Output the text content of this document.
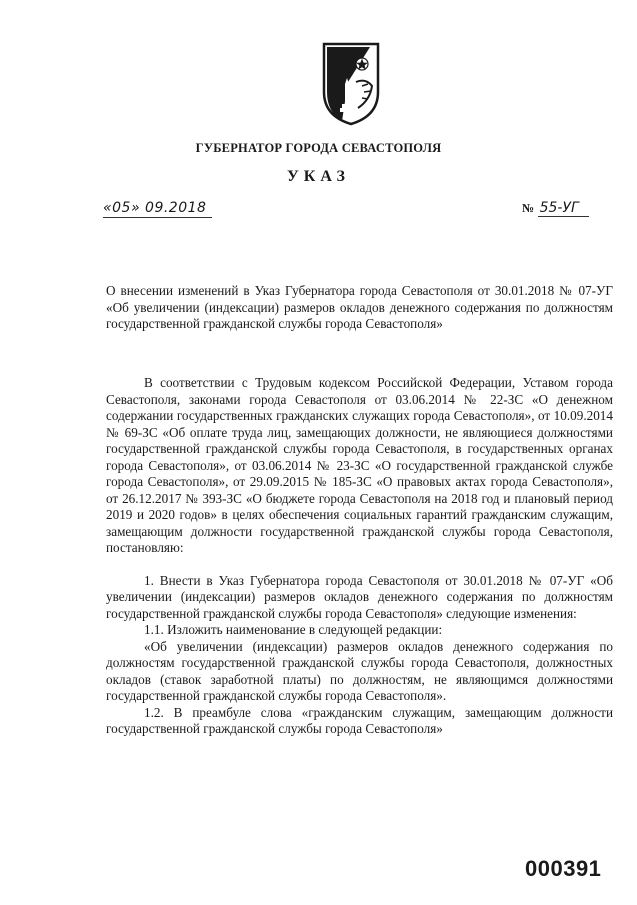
ГУБЕРНАТОР ГОРОДА СЕВАСТОПОЛЯ
УКАЗ
«05» 09.2018	№ 55-УГ

О внесении изменений в Указ Губернатора города Севастополя от 30.01.2018 № 07-УГ «Об увеличении (индексации) размеров окладов денежного содержания по должностям государственной гражданской службы города Севастополя»

В соответствии с Трудовым кодексом Российской Федерации, Уставом города Севастополя, законами города Севастополя от 03.06.2014 № 22-ЗС «О денежном содержании государственных гражданских служащих города Севастополя», от 10.09.2014 № 69-ЗС «Об оплате труда лиц, замещающих должности, не являющиеся должностями государственной гражданской службы города Севастополя, в государственных органах города Севастополя», от 03.06.2014 № 23-ЗС «О государственной гражданской службе города Севастополя», от 29.09.2015 № 185-ЗС «О правовых актах города Севастополя», от 26.12.2017 № 393-ЗС «О бюджете города Севастополя на 2018 год и плановый период 2019 и 2020 годов» в целях обеспечения социальных гарантий гражданским служащим, замещающим должности государственной гражданской службы города Севастополя, постановляю:

1. Внести в Указ Губернатора города Севастополя от 30.01.2018 № 07-УГ «Об увеличении (индексации) размеров окладов денежного содержания по должностям государственной гражданской службы города Севастополя» следующие изменения:

1.1. Изложить наименование в следующей редакции:

«Об увеличении (индексации) размеров окладов денежного содержания по должностям государственной гражданской службы города Севастополя, должностных окладов (ставок заработной платы) по должностям, не являющимся должностями государственной гражданской службы города Севастополя».

1.2. В преамбуле слова «гражданским служащим, замещающим должности государственной гражданской службы города Севастополя»

000391
